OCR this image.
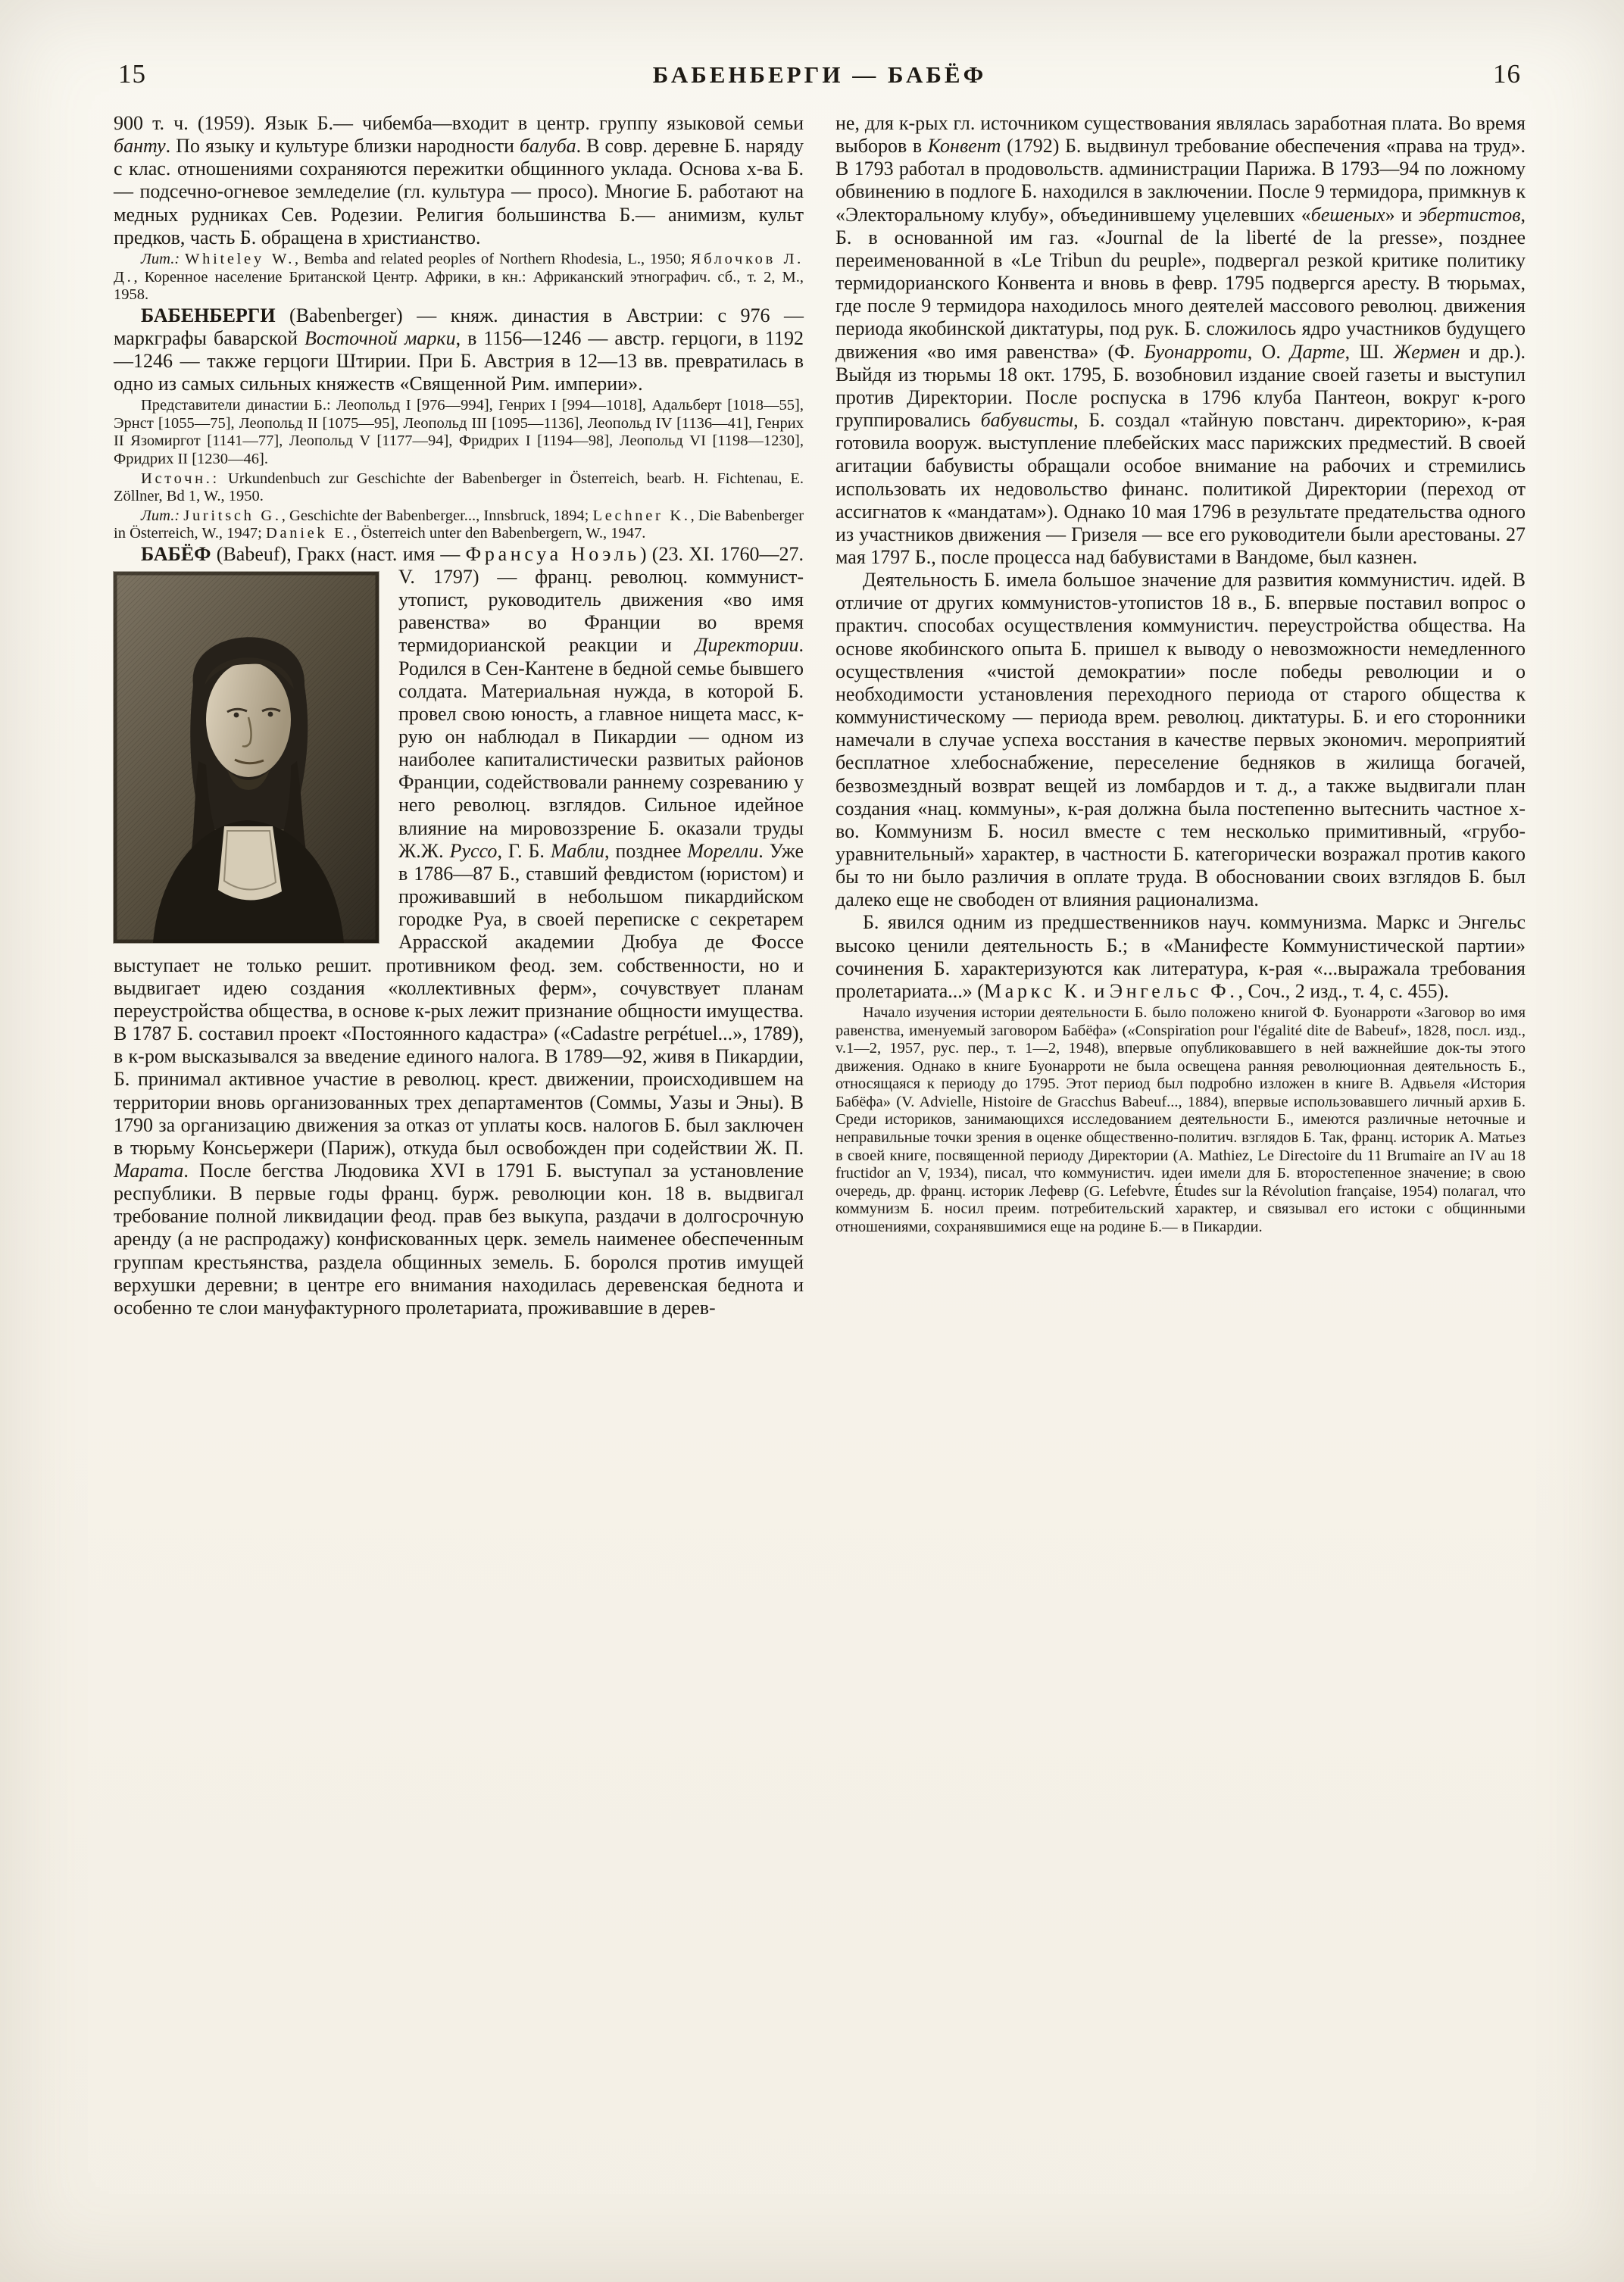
15	БАБЕНБЕРГИ — БАБЁФ	16

900 т. ч. (1959). Язык Б.— чибемба—входит в центр. группу языковой семьи банту. По языку и культуре близки народности балуба. В совр. деревне Б. наряду с клас. отношениями сохраняются пережитки общинного уклада. Основа х-ва Б.— подсечно-огневое земледелие (гл. культура — просо). Многие Б. работают на медных рудниках Сев. Родезии. Религия большинства Б.— анимизм, культ предков, часть Б. обращена в христианство.

Лит.: Whiteley W., Bemba and related peoples of Northern Rhodesia, L., 1950; Яблочков Л. Д., Коренное население Британской Центр. Африки, в кн.: Африканский этнографич. сб., т. 2, М., 1958.

БАБЕНБЕРГИ (Babenberger) — княж. династия в Австрии: с 976 — маркграфы баварской Восточной марки, в 1156—1246 — австр. герцоги, в 1192—1246 — также герцоги Штирии. При Б. Австрия в 12—13 вв. превратилась в одно из самых сильных княжеств «Священной Рим. империи».

Представители династии Б.: Леопольд I [976—994], Генрих I [994—1018], Адальберт [1018—55], Эрнст [1055—75], Леопольд II [1075—95], Леопольд III [1095—1136], Леопольд IV [1136—41], Генрих II Язомиргот [1141—77], Леопольд V [1177—94], Фридрих I [1194—98], Леопольд VI [1198—1230], Фридрих II [1230—46].

Источн.: Urkundenbuch zur Geschichte der Babenberger in Österreich, bearb. H. Fichtenau, E. Zöllner, Bd 1, W., 1950.

Лит.: Juritsch G., Geschichte der Babenberger..., Innsbruck, 1894; Lechner K., Die Babenberger in Österreich, W., 1947; Daniek E., Österreich unter den Babenbergern, W., 1947.

БАБЁФ (Babeuf), Гракх (наст. имя — Франсуа Ноэль) (23. XI. 1760—27. V. 1797) — франц. революц.
коммунист-утопист, руководитель движения «во имя равенства» во Франции во время термидорианской реакции и Директории. Родился в Сен-Кантене в бедной семье бывшего солдата. Материальная нужда, в которой Б. провел свою юность, а главное нищета масс, к-рую он наблюдал в Пикардии — одном из наиболее капиталистически развитых районов Франции, содействовали раннему созреванию у него революц. взглядов. Сильное идейное влияние на мировоззрение Б. оказали труды Ж.Ж. Руссо, Г. Б. Мабли, позднее Морелли. Уже в 1786—87 Б., ставший февдистом (юристом) и проживавший в небольшом пикардийском городке Руа, в своей переписке с секретарем Аррасской академии Дюбуа де Фоссе выступает не только решит. противником феод. зем. собственности, но и выдвигает идею создания «коллективных ферм», сочувствует планам переустройства общества, в основе к-рых лежит признание общности имущества. В 1787 Б. составил проект «Постоянного кадастра» («Cadastre perpétuel...», 1789), в к-ром высказывался за введение единого налога. В 1789—92, живя в Пикардии, Б. принимал активное участие в революц. крест. движении, происходившем на территории вновь организованных трех департаментов (Соммы, Уазы и Эны). В 1790 за организацию движения за отказ от уплаты косв. налогов Б. был заключен в тюрьму Консьержери (Париж), откуда был освобожден при содействии Ж. П. Марата. После бегства Людовика XVI в 1791 Б. выступал за установление республики. В первые годы франц. бурж. революции кон. 18 в. выдвигал требование полной ликвидации феод. прав без выкупа, раздачи в долгосрочную аренду (а не распродажу) конфискованных церк. земель наименее обеспеченным группам крестьянства, раздела общинных земель. Б. боролся против имущей верхушки деревни; в центре его внимания находилась деревенская беднота и особенно те слои мануфактурного пролетариата, проживавшие в дерев-

не, для к-рых гл. источником существования являлась заработная плата. Во время выборов в Конвент (1792) Б. выдвинул требование обеспечения «права на труд». В 1793 работал в продовольств. администрации Парижа. В 1793—94 по ложному обвинению в подлоге Б. находился в заключении. После 9 термидора, примкнув к «Электоральному клубу», объединившему уцелевших «бешеных» и эбертистов, Б. в основанной им газ. «Journal de la liberté de la presse», позднее переименованной в «Le Tribun du peuple», подвергал резкой критике политику термидорианского Конвента и вновь в февр. 1795 подвергся аресту. В тюрьмах, где после 9 термидора находилось много деятелей массового революц. движения периода якобинской диктатуры, под рук. Б. сложилось ядро участников будущего движения «во имя равенства» (Ф. Буонарроти, О. Дарте, Ш. Жермен и др.). Выйдя из тюрьмы 18 окт. 1795, Б. возобновил издание своей газеты и выступил против Директории. После роспуска в 1796 клуба Пантеон, вокруг к-рого группировались бабувисты, Б. создал «тайную повстанч. директорию», к-рая готовила вооруж. выступление плебейских масс парижских предместий. В своей агитации бабувисты обращали особое внимание на рабочих и стремились использовать их недовольство финанс. политикой Директории (переход от ассигнатов к «мандатам»). Однако 10 мая 1796 в результате предательства одного из участников движения — Гризеля — все его руководители были арестованы. 27 мая 1797 Б., после процесса над бабувистами в Вандоме, был казнен.

Деятельность Б. имела большое значение для развития коммунистич. идей. В отличие от других коммунистов-утопистов 18 в., Б. впервые поставил вопрос о практич. способах осуществления коммунистич. переустройства общества. На основе якобинского опыта Б. пришел к выводу о невозможности немедленного осуществления «чистой демократии» после победы революции и о необходимости установления переходного периода от старого общества к коммунистическому — периода врем. революц. диктатуры. Б. и его сторонники намечали в случае успеха восстания в качестве первых экономич. мероприятий бесплатное хлебоснабжение, переселение бедняков в жилища богачей, безвозмездный возврат вещей из ломбардов и т. д., а также выдвигали план создания «нац. коммуны», к-рая должна была постепенно вытеснить частное х-во. Коммунизм Б. носил вместе с тем несколько примитивный, «грубо-уравнительный» характер, в частности Б. категорически возражал против какого бы то ни было различия в оплате труда. В обосновании своих взглядов Б. был далеко еще не свободен от влияния рационализма.

Б. явился одним из предшественников науч. коммунизма. Маркс и Энгельс высоко ценили деятельность Б.; в «Манифесте Коммунистической партии» сочинения Б. характеризуются как литература, к-рая «...выражала требования пролетариата...» (Маркс К. и Энгельс Ф., Соч., 2 изд., т. 4, с. 455).

Начало изучения истории деятельности Б. было положено книгой Ф. Буонарроти «Заговор во имя равенства, именуемый заговором Бабёфа» («Conspiration pour l'égalité dite de Babeuf», 1828, посл. изд., v.1—2, 1957, рус. пер., т. 1—2, 1948), впервые опубликовавшего в ней важнейшие док-ты этого движения. Однако в книге Буонарроти не была освещена ранняя революционная деятельность Б., относящаяся к периоду до 1795. Этот период был подробно изложен в книге В. Адвьеля «История Бабёфа» (V. Advielle, Histoire de Gracchus Babeuf..., 1884), впервые использовавшего личный архив Б. Среди историков, занимающихся исследованием деятельности Б., имеются различные неточные и неправильные точки зрения в оценке общественно-политич. взглядов Б. Так, франц. историк А. Матьез в своей книге, посвященной периоду Директории (A. Mathiez, Le Directoire du 11 Brumaire an IV au 18 fructidor an V, 1934), писал, что коммунистич. идеи имели для Б. второстепенное значение; в свою очередь, др. франц. историк Лефевр (G. Lefebvre, Études sur la Révolution française, 1954) полагал, что коммунизм Б. носил преим. потребительский характер, и связывал его истоки с общинными отношениями, сохранявшимися еще на родине Б.— в Пикардии.
